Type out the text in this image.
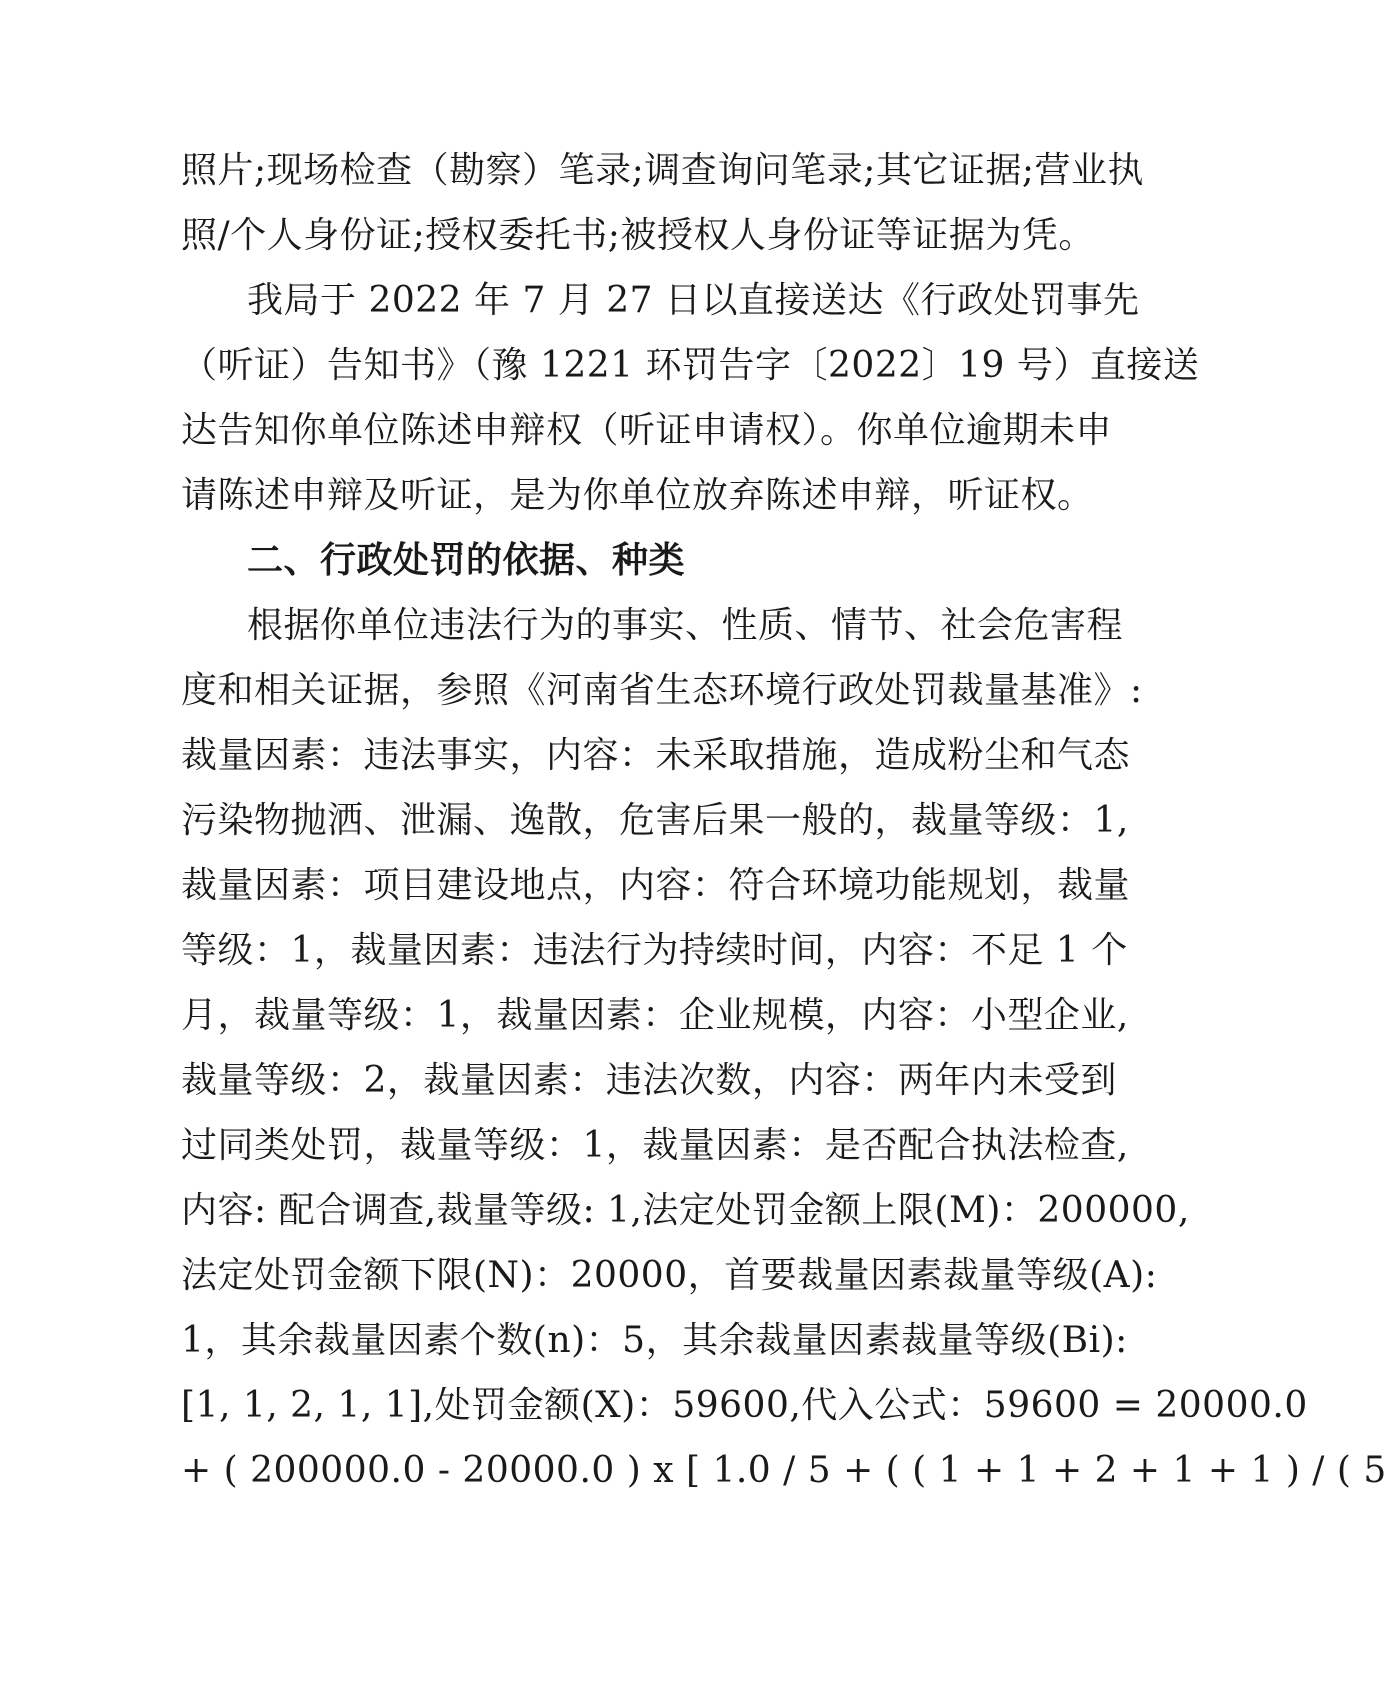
照片;现场检查（勘察）笔录;调查询问笔录;其它证据;营业执
照/个人身份证;授权委托书;被授权人身份证等证据为凭。
我局于 2022 年 7 月 27 日以直接送达《行政处罚事先
（听证）告知书》（豫 1221 环罚告字〔2022〕19 号）直接送
达告知你单位陈述申辩权（听证申请权）。你单位逾期未申
请陈述申辩及听证，是为你单位放弃陈述申辩，听证权。
二、行政处罚的依据、种类
根据你单位违法行为的事实、性质、情节、社会危害程
度和相关证据，参照《河南省生态环境行政处罚裁量基准》:
裁量因素：违法事实，内容：未采取措施，造成粉尘和气态
污染物抛洒、泄漏、逸散，危害后果一般的，裁量等级：1,
裁量因素：项目建设地点，内容：符合环境功能规划，裁量
等级：1，裁量因素：违法行为持续时间，内容：不足 1 个
月，裁量等级：1，裁量因素：企业规模，内容：小型企业,
裁量等级：2，裁量因素：违法次数，内容：两年内未受到
过同类处罚，裁量等级：1，裁量因素：是否配合执法检查,
内容: 配合调查,裁量等级: 1,法定处罚金额上限(M)：200000,
法定处罚金额下限(N)：20000，首要裁量因素裁量等级(A):
1，其余裁量因素个数(n)：5，其余裁量因素裁量等级(Bi):
[1, 1, 2, 1, 1],处罚金额(X)：59600,代入公式：59600 = 20000.0
+ ( 200000.0 - 20000.0 ) x [ 1.0 / 5 + ( ( 1 + 1 + 2 + 1 + 1 ) / ( 5
